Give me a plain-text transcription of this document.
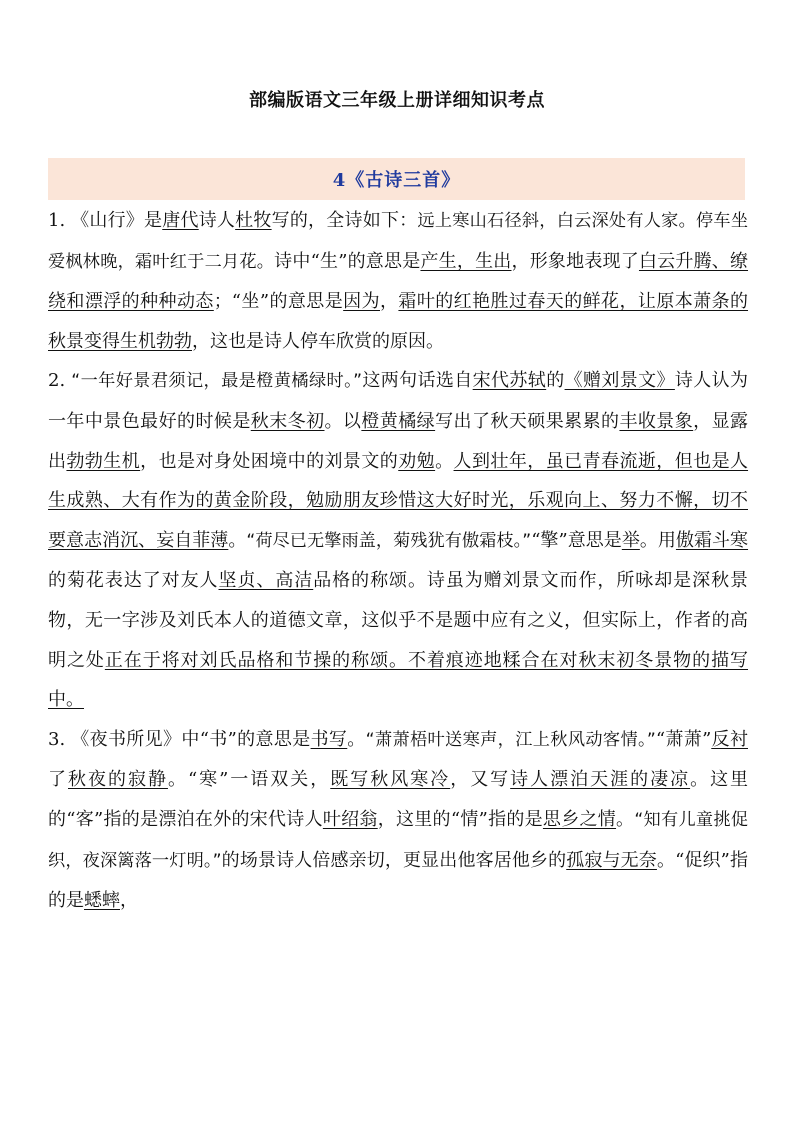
部编版语文三年级上册详细知识考点
4《古诗三首》

1. 《山行》是唐代诗人杜牧写的，全诗如下：远上寒山石径斜，白云深处有人家。停车坐爱枫林晚，霜叶红于二月花。诗中“生”的意思是产生，生出，形象地表现了白云升腾、缭绕和漂浮的种种动态；“坐”的意思是因为，霜叶的红艳胜过春天的鲜花，让原本萧条的秋景变得生机勃勃，这也是诗人停车欣赏的原因。

2. “一年好景君须记，最是橙黄橘绿时。”这两句话选自宋代苏轼的《赠刘景文》诗人认为一年中景色最好的时候是秋末冬初。以橙黄橘绿写出了秋天硕果累累的丰收景象，显露出勃勃生机，也是对身处困境中的刘景文的劝勉。人到壮年，虽已青春流逝，但也是人生成熟、大有作为的黄金阶段，勉励朋友珍惜这大好时光，乐观向上、努力不懈，切不要意志消沉、妄自菲薄。“荷尽已无擎雨盖，菊残犹有傲霜枝。”“擎”意思是举。用傲霜斗寒的菊花表达了对友人坚贞、高洁品格的称颂。诗虽为赠刘景文而作，所咏却是深秋景物，无一字涉及刘氏本人的道德文章，这似乎不是题中应有之义，但实际上，作者的高明之处正在于将对刘氏品格和节操的称颂。不着痕迹地糅合在对秋末初冬景物的描写中。

3. 《夜书所见》中“书”的意思是书写。“萧萧梧叶送寒声，江上秋风动客情。”“萧萧”反衬了秋夜的寂静。“寒”一语双关，既写秋风寒冷，又写诗人漂泊天涯的凄凉。这里的“客”指的是漂泊在外的宋代诗人叶绍翁，这里的“情”指的是思乡之情。“知有儿童挑促织，夜深篱落一灯明。”的场景诗人倍感亲切，更显出他客居他乡的孤寂与无奈。“促织”指的是蟋蟀，
